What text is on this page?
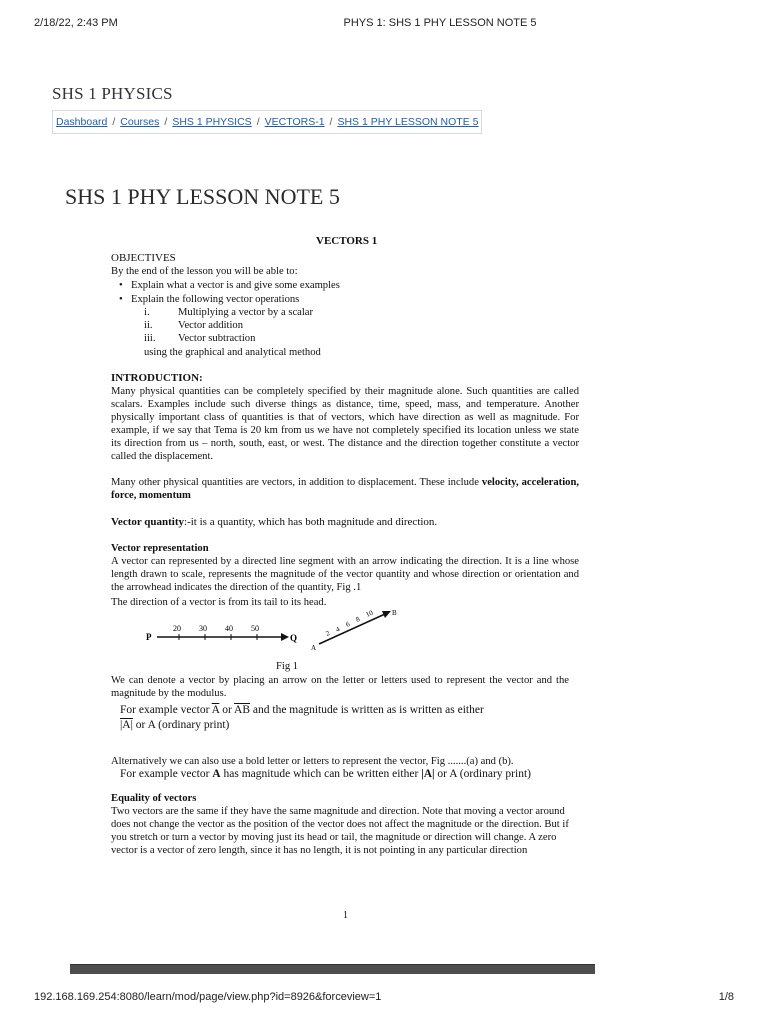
2/18/22, 2:43 PM	PHYS 1: SHS 1 PHY LESSON NOTE 5
SHS 1 PHYSICS
Dashboard / Courses / SHS 1 PHYSICS / VECTORS-1 / SHS 1 PHY LESSON NOTE 5
SHS 1 PHY LESSON NOTE 5
VECTORS 1
OBJECTIVES
By the end of the lesson you will be able to:
• Explain what a vector is and give some examples
• Explain the following vector operations
i.	Multiplying a vector by a scalar
ii.	Vector addition
iii.	Vector subtraction
using the graphical and analytical method
INTRODUCTION:

Many physical quantities can be completely specified by their magnitude alone. Such quantities are called scalars. Examples include such diverse things as distance, time, speed, mass, and temperature. Another physically important class of quantities is that of vectors, which have direction as well as magnitude. For example, if we say that Tema is 20 km from us we have not completely specified its location unless we state its direction from us – north, south, east, or west. The distance and the direction together constitute a vector called the displacement.

Many other physical quantities are vectors, in addition to displacement. These include velocity, acceleration, force, momentum

Vector quantity:-it is a quantity, which has both magnitude and direction.

Vector representation

A vector can represented by a directed line segment with an arrow indicating the direction. It is a line whose length drawn to scale, represents the magnitude of the vector quantity and whose direction or orientation and the arrowhead indicates the direction of the quantity, Fig .1

The direction of a vector is from its tail to its head.
P	Q
20 30 40 50
A
B
2 4
6
8
10
Fig 1

We can denote a vector by placing an arrow on the letter or letters used to represent the vector and the magnitude by the modulus.

For example vector $\overline{A}$ or $\overline{AB}$ and the magnitude is written as is written as either
|A| or A (ordinary print)

Alternatively we can also use a bold letter or letters to represent the vector, Fig .......(a) and (b).

For example vector A has magnitude which can be written either |A| or A (ordinary print)
Equality of vectors

Two vectors are the same if they have the same magnitude and direction. Note that moving a vector around does not change the vector as the position of the vector does not affect the magnitude or the direction. But if you stretch or turn a vector by moving just its head or tail, the magnitude or direction will change. A zero vector is a vector of zero length, since it has no length, it is not pointing in any particular direction

1
192.168.169.254:8080/learn/mod/page/view.php?id=8926&forceview=1	1/8
